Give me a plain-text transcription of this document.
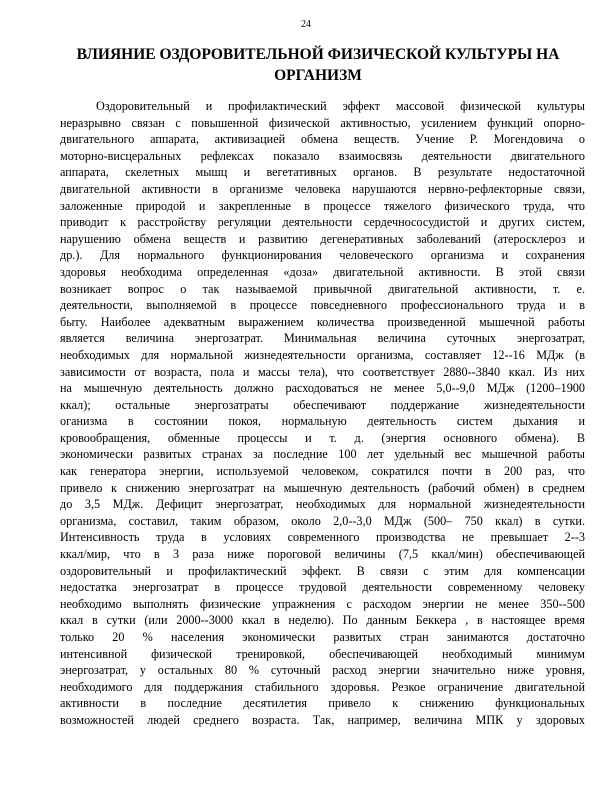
24
ВЛИЯНИЕ ОЗДОРОВИТЕЛЬНОЙ ФИЗИЧЕСКОЙ КУЛЬТУРЫ НА
ОРГАНИЗМ
Оздоровительный и профилактический эффект массовой физической культуры
неразрывно связан с повышенной физической активностью, усилением функций опорно-
двигательного аппарата, активизацией обмена веществ. Учение Р. Могендовича о
моторно-висцеральных рефлексах показало взаимосвязь деятельности двигательного
аппарата, скелетных мышц и вегетативных органов. В результате недостаточной
двигательной активности в организме человека нарушаются нервно-рефлекторные связи,
заложенные природой и закрепленные в процессе тяжелого физического труда, что
приводит к расстройству регуляции деятельности сердечнососудистой и других систем,
нарушению обмена веществ и развитию дегенеративных заболеваний (атеросклероз и
др.). Для нормального функционирования человеческого организма и сохранения
здоровья необходима определенная «доза» двигательной активности. В этой связи
возникает вопрос о так называемой привычной двигательной активности, т. е.
деятельности, выполняемой в процессе повседневного профессионального труда и в
быту. Наиболее адекватным выражением количества произведенной мышечной работы
является величина энергозатрат. Минимальная величина суточных энергозатрат,
необходимых для нормальной жизнедеятельности организма, составляет 12--16 МДж (в
зависимости от возраста, пола и массы тела), что соответствует 2880--3840 ккал. Из них
на мышечную деятельность должно расходоваться не менее 5,0--9,0 МДж (1200–1900
ккал); остальные энергозатраты обеспечивают поддержание жизнедеятельности
оганизма в состоянии покоя, нормальную деятельность систем дыхания и
кровообращения, обменные процессы и т. д. (энергия основного обмена). В
экономически развитых странах за последние 100 лет удельный вес мышечной работы
как генератора энергии, используемой человеком, сократился почти в 200 раз, что
привело к снижению энергозатрат на мышечную деятельность (рабочий обмен) в среднем
до 3,5 МДж. Дефицит энергозатрат, необходимых для нормальной жизнедеятельности
организма, составил, таким образом, около 2,0--3,0 МДж (500– 750 ккал) в сутки.
Интенсивность труда в условиях современного производства не превышает 2--3
ккал/мир, что в 3 раза ниже пороговой величины (7,5 ккал/мин) обеспечивающей
оздоровительный и профилактический эффект. В связи с этим для компенсации
недостатка энергозатрат в процессе трудовой деятельности современному человеку
необходимо выполнять физические упражнения с расходом энергии не менее 350--500
ккал в сутки (или 2000--3000 ккал в неделю). По данным Беккера , в настоящее время
только 20 % населения экономически развитых стран занимаются достаточно
интенсивной физической тренировкой, обеспечивающей необходимый минимум
энергозатрат, у остальных 80 % суточный расход энергии значительно ниже уровня,
необходимого для поддержания стабильного здоровья. Резкое ограничение двигательной
активности в последние десятилетия привело к снижению функциональных
возможностей людей среднего возраста. Так, например, величина МПК у здоровых
